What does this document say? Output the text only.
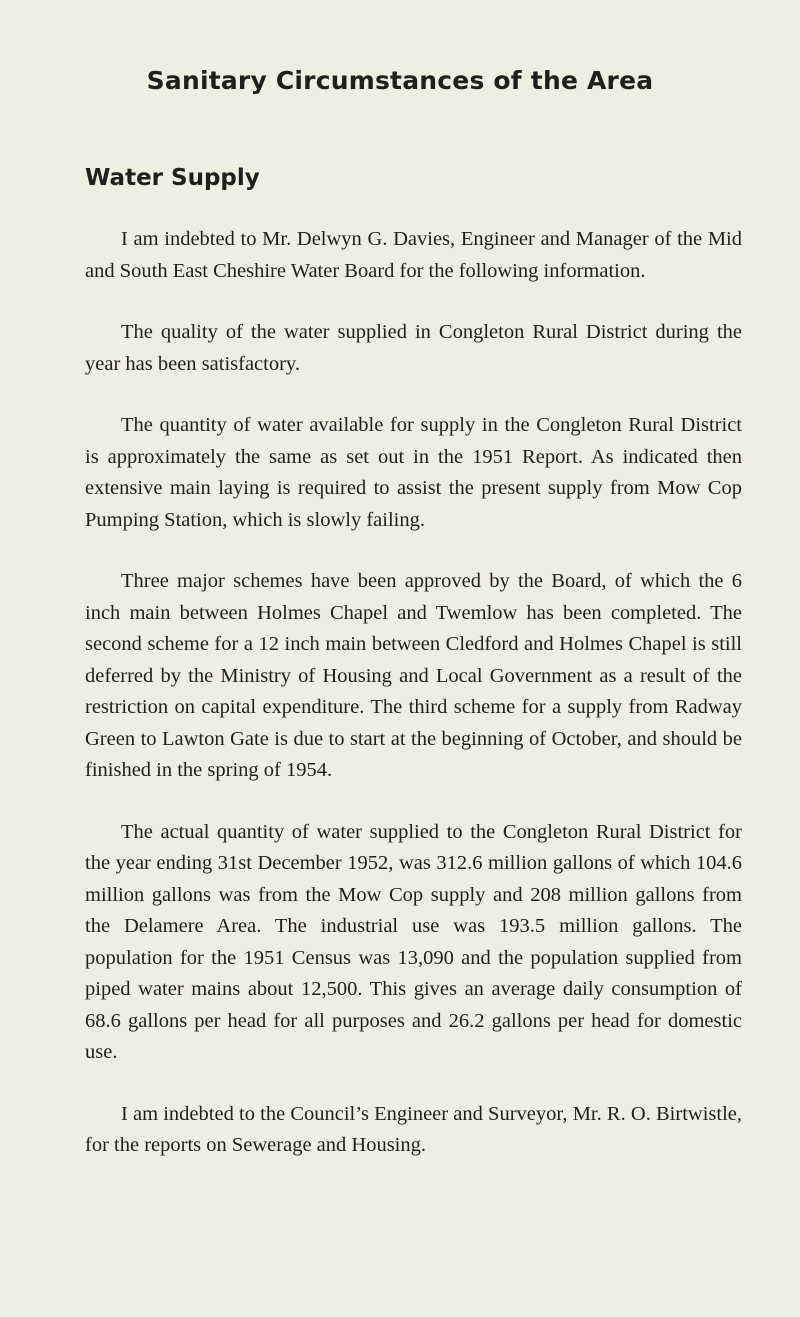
Sanitary Circumstances of the Area
Water Supply

I am indebted to Mr. Delwyn G. Davies, Engineer and Manager of the Mid and South East Cheshire Water Board for the following information.

The quality of the water supplied in Congleton Rural District during the year has been satisfactory.

The quantity of water available for supply in the Congleton Rural District is approximately the same as set out in the 1951 Report. As indicated then extensive main laying is required to assist the present supply from Mow Cop Pumping Station, which is slowly failing.

Three major schemes have been approved by the Board, of which the 6 inch main between Holmes Chapel and Twemlow has been completed. The second scheme for a 12 inch main between Cledford and Holmes Chapel is still deferred by the Ministry of Housing and Local Government as a result of the restriction on capital expenditure. The third scheme for a supply from Radway Green to Lawton Gate is due to start at the beginning of October, and should be finished in the spring of 1954.

The actual quantity of water supplied to the Congleton Rural District for the year ending 31st December 1952, was 312.6 million gallons of which 104.6 million gallons was from the Mow Cop supply and 208 million gallons from the Delamere Area. The industrial use was 193.5 million gallons. The population for the 1951 Census was 13,090 and the population supplied from piped water mains about 12,500. This gives an average daily consumption of 68.6 gallons per head for all purposes and 26.2 gallons per head for domestic use.

I am indebted to the Council’s Engineer and Surveyor, Mr. R. O. Birtwistle, for the reports on Sewerage and Housing.
